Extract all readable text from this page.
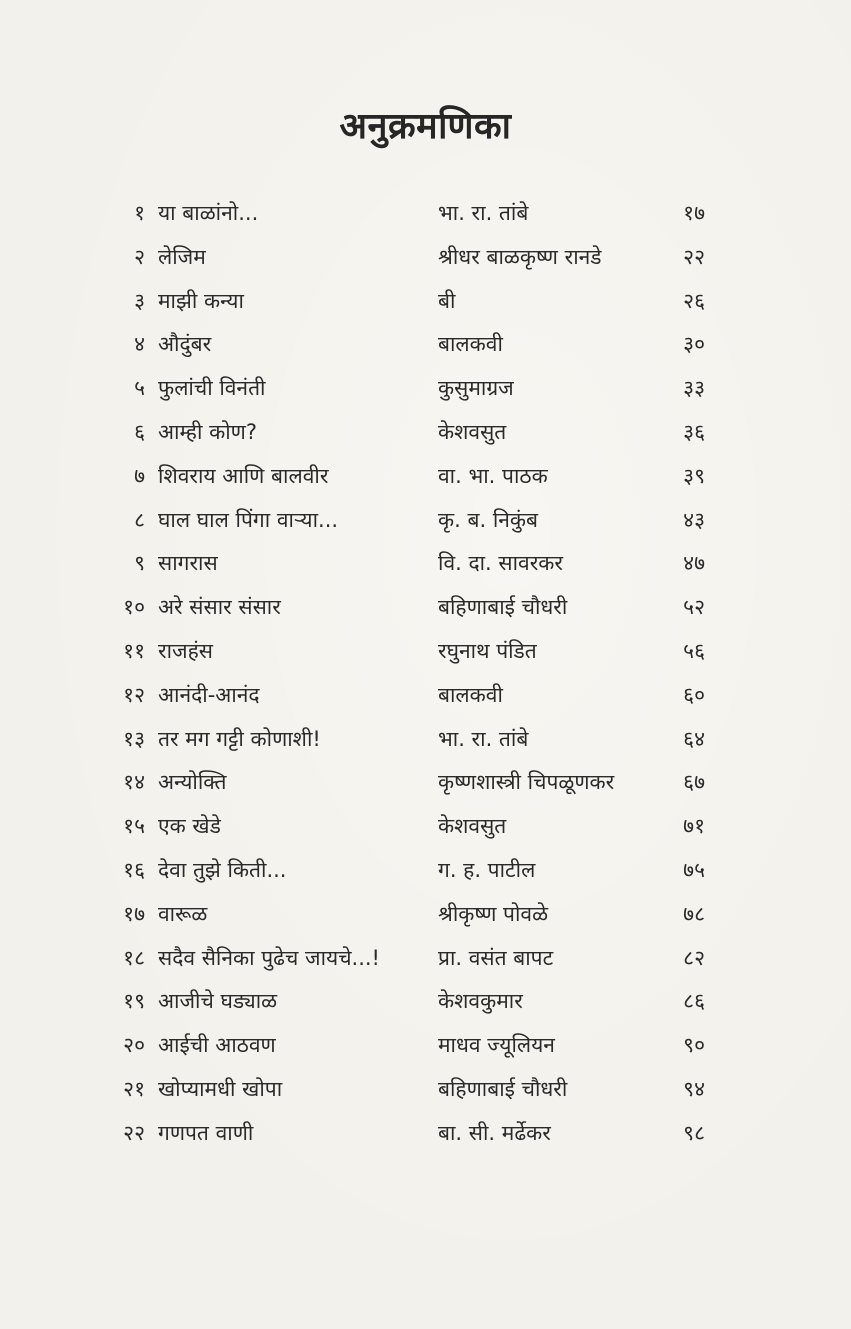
अनुक्रमणिका
१ या बाळांनो...	भा. रा. तांबे	१७
२ लेजिम	श्रीधर बाळकृष्ण रानडे	२२
३ माझी कन्या	बी	२६
४ औदुंबर	बालकवी	३०
५ फुलांची विनंती	कुसुमाग्रज	३३
६ आम्ही कोण?	केशवसुत	३६
७ शिवराय आणि बालवीर	वा. भा. पाठक	३९
८ घाल घाल पिंगा वाऱ्या...	कृ. ब. निकुंब	४३
९ सागरास	वि. दा. सावरकर	४७
१० अरे संसार संसार	बहिणाबाई चौधरी	५२
११ राजहंस	रघुनाथ पंडित	५६
१२ आनंदी-आनंद	बालकवी	६०
१३ तर मग गट्टी कोणाशी!	भा. रा. तांबे	६४
१४ अन्योक्ति	कृष्णशास्त्री चिपळूणकर	६७
१५ एक खेडे	केशवसुत	७१
१६ देवा तुझे किती...	ग. ह. पाटील	७५
१७ वारूळ	श्रीकृष्ण पोवळे	७८
१८ सदैव सैनिका पुढेच जायचे...!	प्रा. वसंत बापट	८२
१९ आजीचे घड्याळ	केशवकुमार	८६
२० आईची आठवण	माधव ज्यूलियन	९०
२१ खोप्यामधी खोपा	बहिणाबाई चौधरी	९४
२२ गणपत वाणी	बा. सी. मर्ढेकर	९८
